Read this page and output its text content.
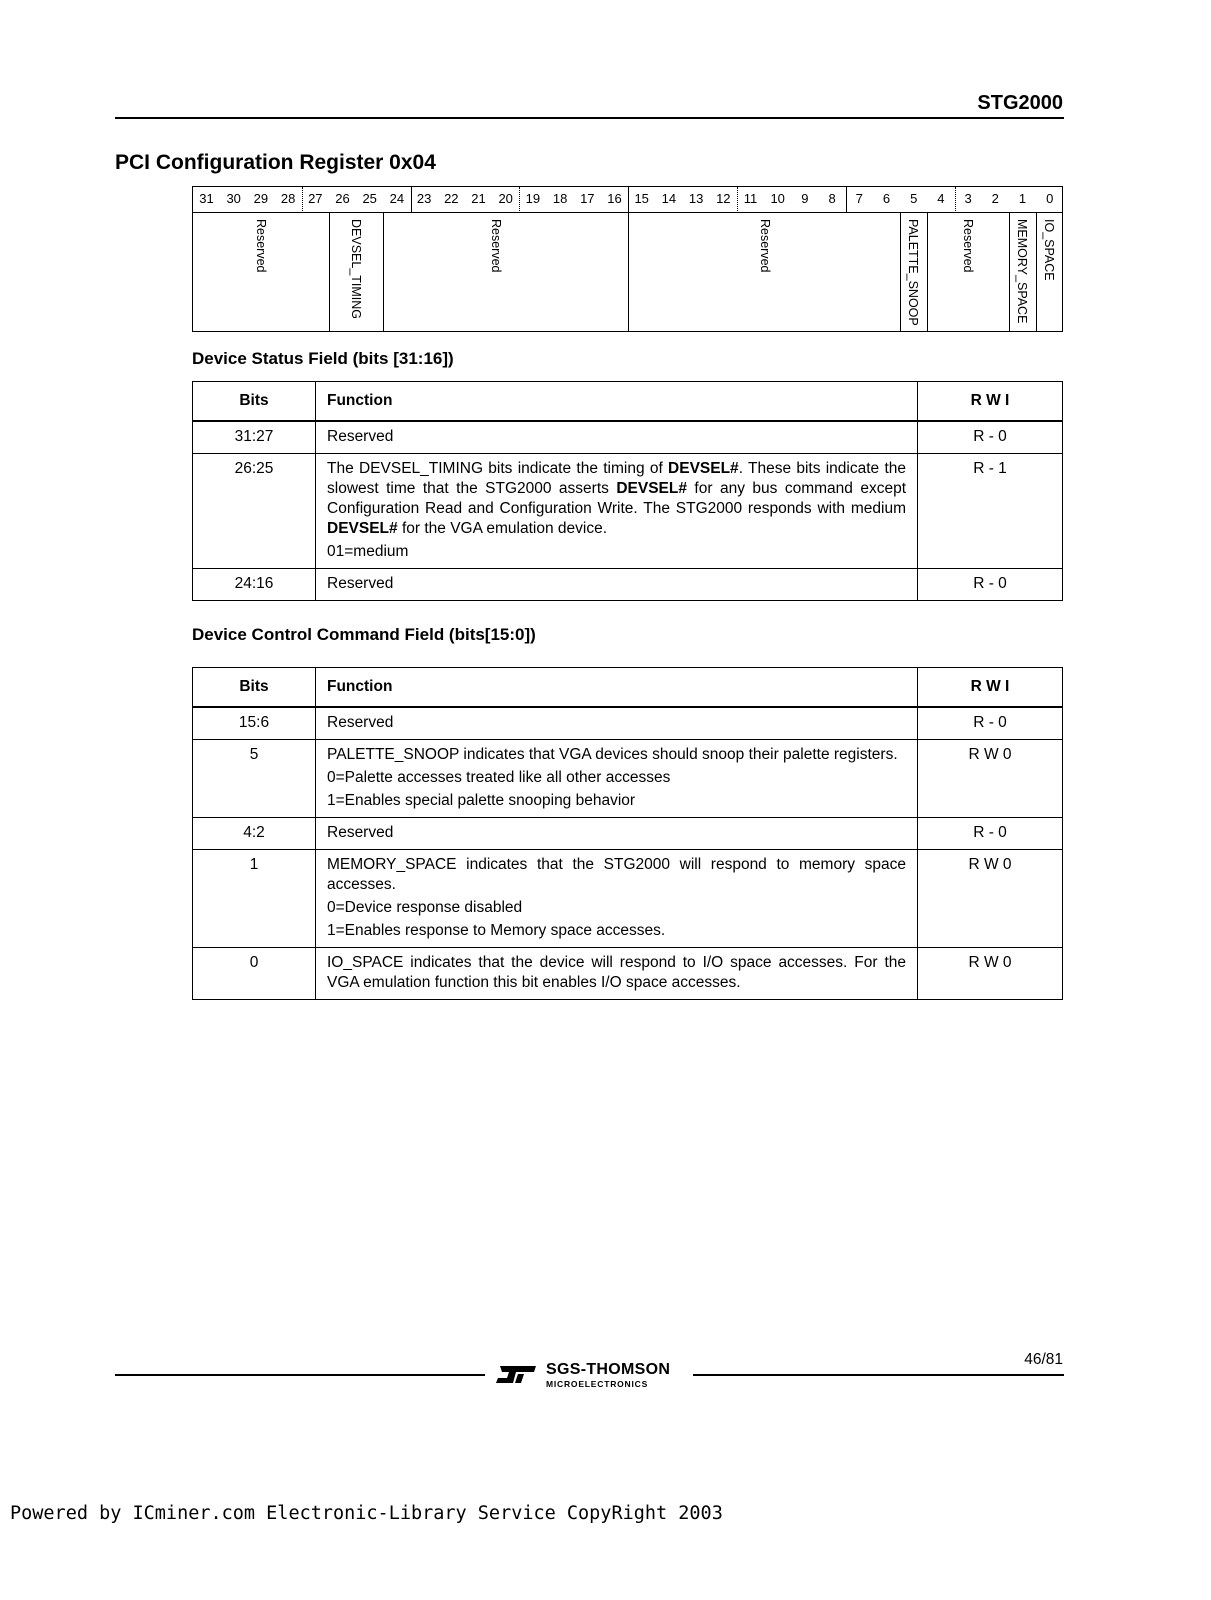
STG2000
PCI Configuration Register 0x04
31 30 29 28 27 26 25 24 23 22 21 20 19 18 17 16 15 14 13 12	11	10	9	8	7	6	5	4	3	2	1	0
Reserved	DEVSEL_TIMING	Reserved	Reserved	PALETTE_SNOOP	Reserved	MEMORY_SPACE IO_SPACE
Device Status Field (bits [31:16])
Bits	Function	R W I
31:27	Reserved	R - 0
26:25	The DEVSEL_TIMING bits indicate the timing of DEVSEL#. These bits indicate the slowest time that the STG2000 asserts DEVSEL# for any bus command except Configuration Read and Configuration Write. The STG2000 responds with medium DEVSEL# for the VGA emulation device.
01=medium	R - 1
24:16	Reserved	R - 0
Device Control Command Field (bits[15:0])
Bits	Function	R W I
15:6	Reserved	R - 0
5	PALETTE_SNOOP indicates that VGA devices should snoop their palette registers.
0=Palette accesses treated like all other accesses
1=Enables special palette snooping behavior	R W 0
4:2	Reserved	R - 0
1	MEMORY_SPACE indicates that the STG2000 will respond to memory space accesses.
0=Device response disabled
1=Enables response to Memory space accesses.	R W 0
0	IO_SPACE indicates that the device will respond to I/O space accesses. For the VGA emulation function this bit enables I/O space accesses.	R W 0
46/81
SGS-THOMSON
MICROELECTRONICS
Powered by ICminer.com Electronic-Library Service CopyRight 2003
